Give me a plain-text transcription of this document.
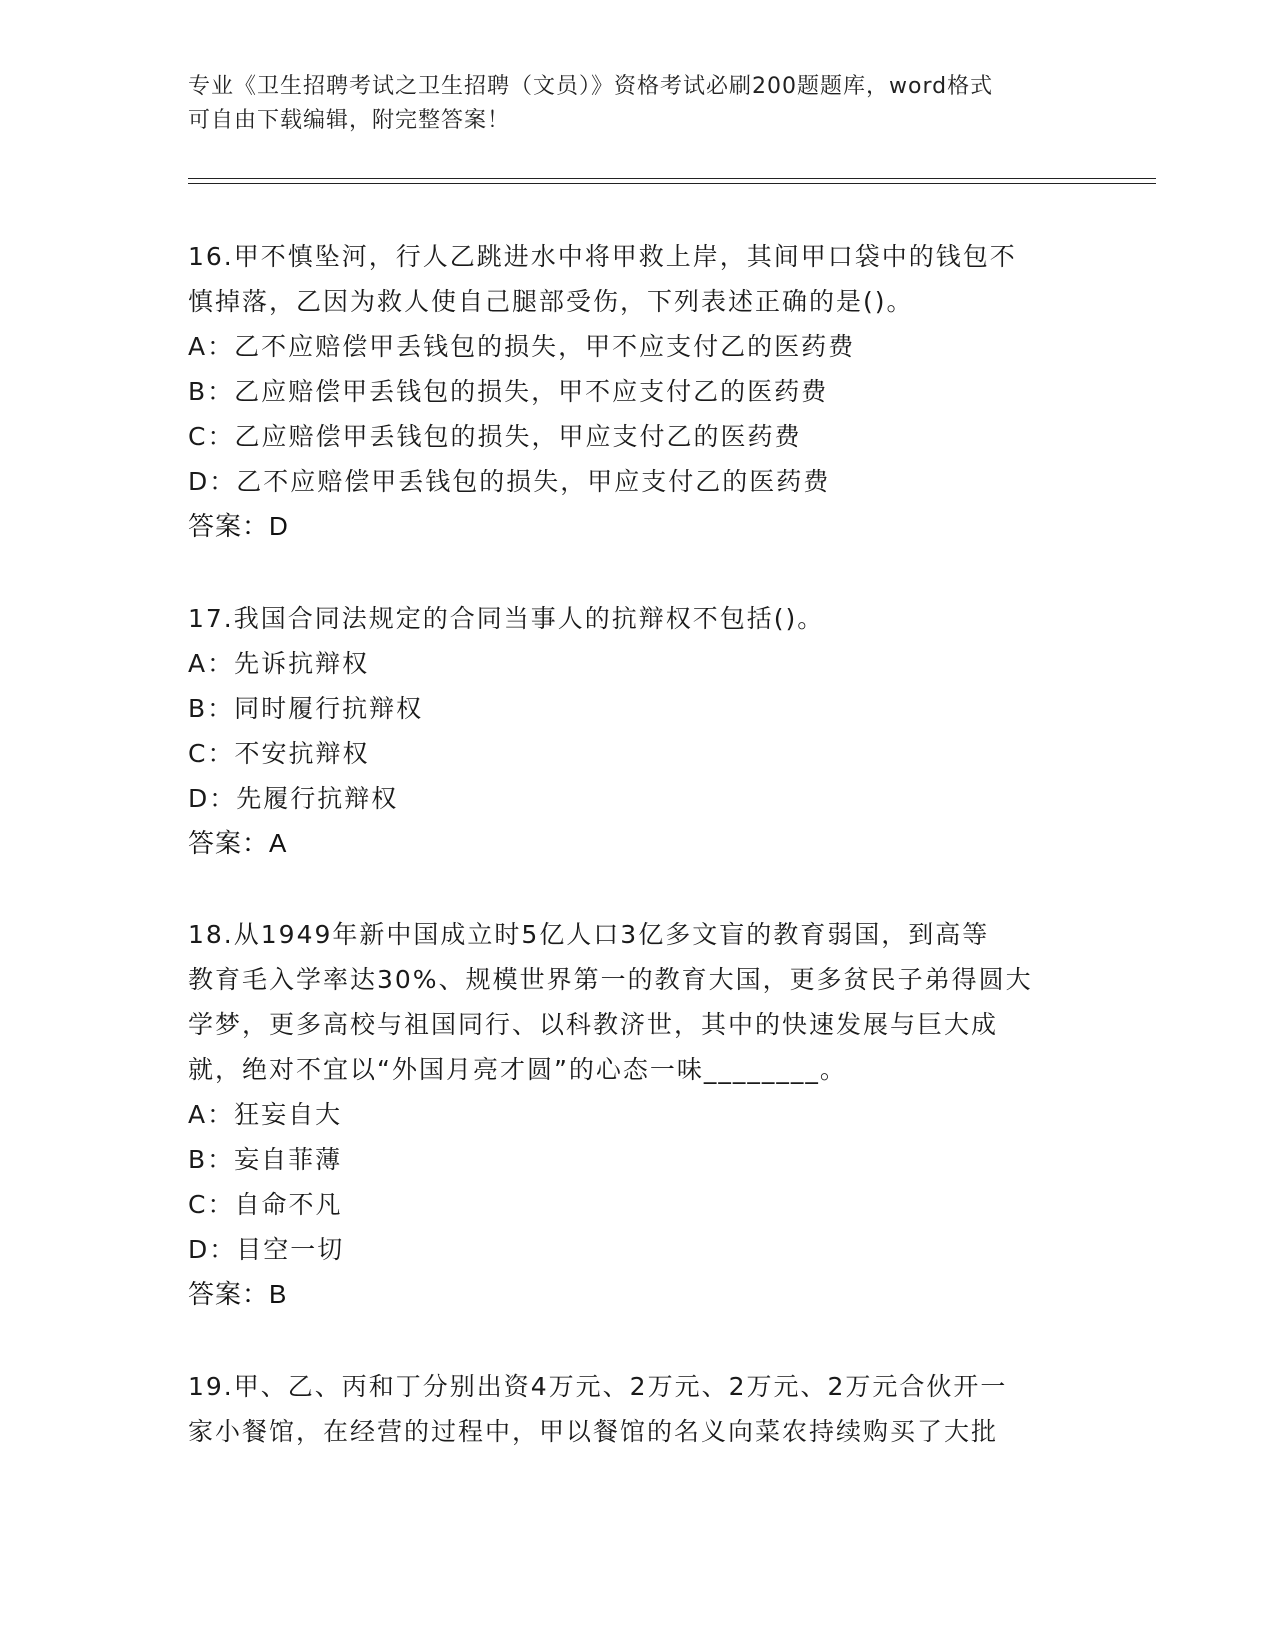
专业《卫生招聘考试之卫生招聘（文员）》资格考试必刷200题题库，word格式
可自由下载编辑，附完整答案！
16.甲不慎坠河，行人乙跳进水中将甲救上岸，其间甲口袋中的钱包不
慎掉落，乙因为救人使自己腿部受伤，下列表述正确的是()。
A：乙不应赔偿甲丢钱包的损失，甲不应支付乙的医药费
B：乙应赔偿甲丢钱包的损失，甲不应支付乙的医药费
C：乙应赔偿甲丢钱包的损失，甲应支付乙的医药费
D：乙不应赔偿甲丢钱包的损失，甲应支付乙的医药费
答案：D
17.我国合同法规定的合同当事人的抗辩权不包括()。
A：先诉抗辩权
B：同时履行抗辩权
C：不安抗辩权
D：先履行抗辩权
答案：A
18.从1949年新中国成立时5亿人口3亿多文盲的教育弱国，到高等
教育毛入学率达30%、规模世界第一的教育大国，更多贫民子弟得圆大
学梦，更多高校与祖国同行、以科教济世，其中的快速发展与巨大成
就，绝对不宜以“外国月亮才圆”的心态一味________。
A：狂妄自大
B：妄自菲薄
C：自命不凡
D：目空一切
答案：B
19.甲、乙、丙和丁分别出资4万元、2万元、2万元、2万元合伙开一
家小餐馆，在经营的过程中，甲以餐馆的名义向菜农持续购买了大批
